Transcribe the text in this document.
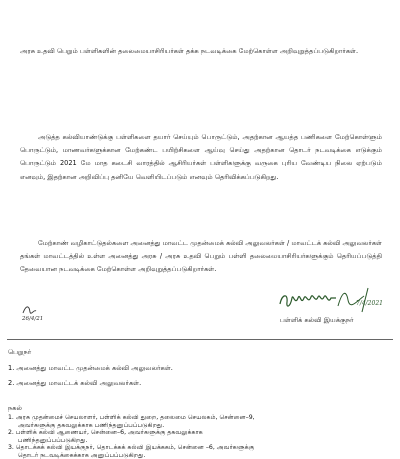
அரசு உதவி பெறும் பள்ளிகளின் தலைமையாசிரியர்கள் தக்க நடவடிக்கை மேற்கொள்ள அறிவுறுத்தப்படுகிறார்கள்.

அடுத்த கல்வியாண்டுக்கு பள்ளிகளை தயார் செய்யும் பொருட்டும், அதற்கான ஆயத்த பணிகளை மேற்கொள்ளும் பொருட்டும், மாணவர்களுக்கான மேற்கண்ட பயிற்சிகளை ஆய்வு செய்து அதற்கான தொடர் நடவடிக்கை எடுக்கும் பொருட்டும் 2021 மே மாத கடைசி வாரத்தில் ஆசிரியர்கள் பள்ளிகளுக்கு வருகை புரிய வேண்டிய நிலை ஏற்படும் எனவும், இதற்கான அறிவிப்பு தனியே வெளியிடப்படும் எனவும் தெரிவிக்கப்படுகிறது.

மேற்காண் வழிகாட்டுதல்களை அனைத்து மாவட்ட முதன்மைக் கல்வி அலுவலர்கள் / மாவட்டக் கல்வி அலுவலர்கள் தங்கள் மாவட்டத்தில் உள்ள அனைத்து அரசு / அரசு உதவி பெறும் பள்ளி தலைமையாசிரியர்களுக்கும் தெரியப்படுத்தி தேவையான நடவடிக்கை மேற்கொள்ள அறிவுறுத்தப்படுகிறார்கள்.

7/4/2021
பள்ளிக் கல்வி இயக்குநர்
26/4/21
பெறுநர்
1. அனைத்து மாவட்ட முதன்மைக் கல்வி அலுவலர்கள்.
2. அனைத்து மாவட்டக் கல்வி அலுவலர்கள்.
நகல்
1. அரசு முதன்மைச் செயலாளர், பள்ளிக் கல்வி துறை, தலைமை செயலகம், சென்னை–9,
அவர்களுக்கு தகவலுக்காக பணிந்தனுப்பப்படுகிறது.
2. பள்ளிக் கல்வி ஆணையர், சென்னை–6, அவர்களுக்கு தகவலுக்காக
பணிந்தனுப்பப்படுகிறது.
3. தொடக்கக் கல்வி இயக்குநர், தொடக்கக் கல்வி இயக்ககம், சென்னை –6, அவர்களுக்கு
தொடர் நடவடிக்கைக்காக அனுப்பப்படுகிறது.
